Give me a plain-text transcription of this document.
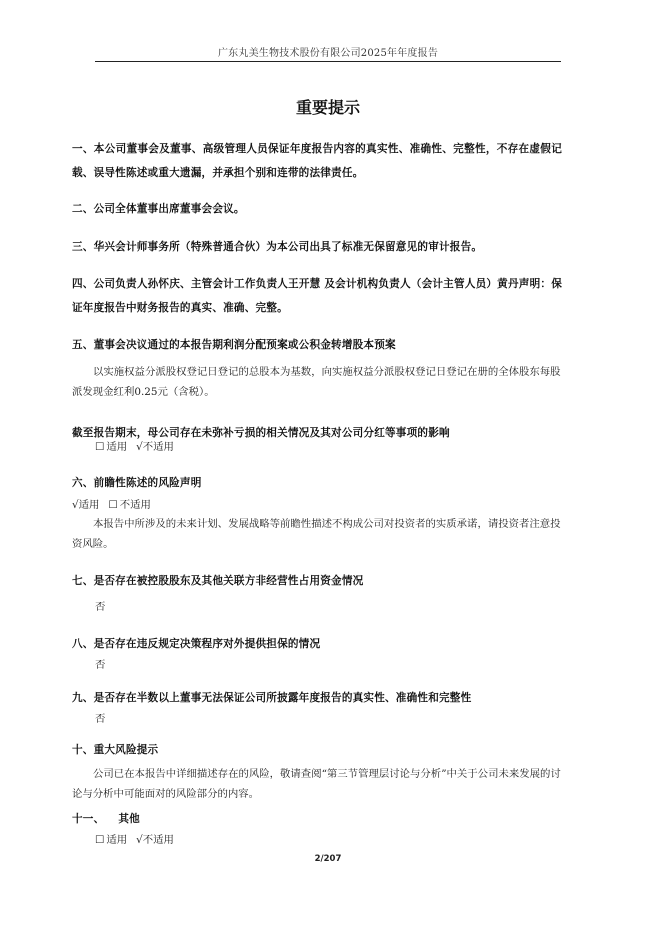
广东丸美生物技术股份有限公司2025年年度报告
重要提示
一、本公司董事会及董事、高级管理人员保证年度报告内容的真实性、准确性、完整性，不存在虚假记载、误导性陈述或重大遗漏，并承担个别和连带的法律责任。
二、公司全体董事出席董事会会议。
三、华兴会计师事务所（特殊普通合伙）为本公司出具了标准无保留意见的审计报告。
四、公司负责人孙怀庆、主管会计工作负责人王开慧 及会计机构负责人（会计主管人员）黄丹声明：保证年度报告中财务报告的真实、准确、完整。
五、董事会决议通过的本报告期利润分配预案或公积金转增股本预案
以实施权益分派股权登记日登记的总股本为基数，向实施权益分派股权登记日登记在册的全体股东每股派发现金红利0.25元（含税）。
截至报告期末，母公司存在未弥补亏损的相关情况及其对公司分红等事项的影响
☐ 适用 √不适用
六、前瞻性陈述的风险声明
√适用 ☐ 不适用
本报告中所涉及的未来计划、发展战略等前瞻性描述不构成公司对投资者的实质承诺，请投资者注意投资风险。
七、是否存在被控股股东及其他关联方非经营性占用资金情况
否
八、是否存在违反规定决策程序对外提供担保的情况
否
九、是否存在半数以上董事无法保证公司所披露年度报告的真实性、准确性和完整性
否
十、重大风险提示
公司已在本报告中详细描述存在的风险，敬请查阅“第三节管理层讨论与分析”中关于公司未来发展的讨论与分析中可能面对的风险部分的内容。
十一、 其他
☐ 适用 √不适用
2/207
